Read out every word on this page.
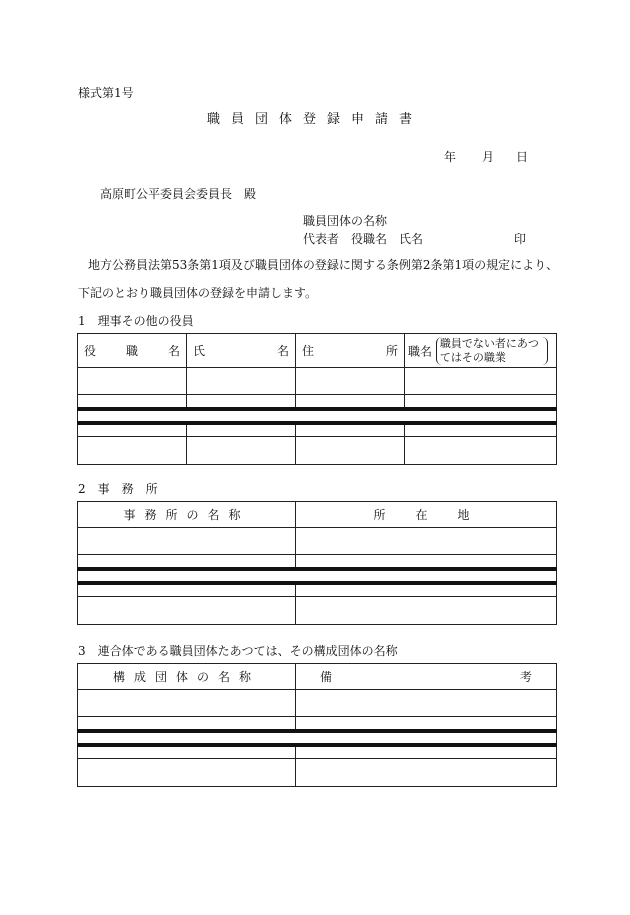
様式第1号
職員団体登録申請書
年 月 日
高原町公平委員会委員長　殿
職員団体の名称
代表者　役職名　氏名	印
地方公務員法第53条第1項及び職員団体の登録に関する条例第2条第1項の規定により、
下記のとおり職員団体の登録を申請します。
1　理事その他の役員
役 職 名	氏 名	住 所	職名 職員でない者にあつてはその職業

2　事　務　所
事務所の名称	所　在　地

3　連合体である職員団体たあつては、その構成団体の名称
構成団体の名称	備 考
